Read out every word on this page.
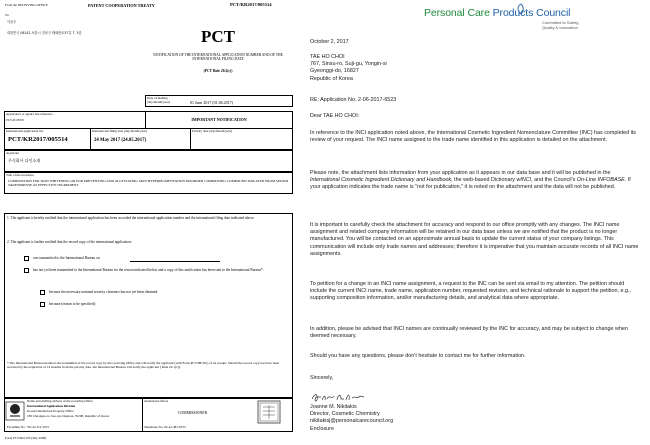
From the RECEIVING OFFICE	PATENT COOPERATION TREATY	PCT/KR2017/005514
To:
이준우
대한민국 06142 서울시 강남구 테헤란로37길 7, 3층	PCT
NOTIFICATION OF THE INTERNATIONAL APPLICATION NUMBER AND OF THE INTERNATIONAL FILING DATE
(PCT Rule 20.2(c))
Date of mailing (day/month/year)	01 June 2017 (01.06.2017)
Applicant's or agent's file reference
PCT-D17009	IMPORTANT NOTIFICATION
International application No.
PCT/KR2017/005514
International filing date (day/month/year)
24 May 2017 (24.05.2017)
Priority date (day/month/year)
Applicant
주식회사 다인소재
Title of the invention
COMPOSITION FOR SKIN WHITENING OR FOR PREVENTING AND ALLEVIATING SKIN HYPERPIGMENTATION DISORDER COMPRISING COMPOUND ISOLATED FROM SEDUM TAKESIMENSE AS EFFECTIVE INGREDIENT
1. The applicant is hereby notified that the international application has been accorded the international application number and the international filing date indicated above.
2. The applicant is further notified that the record copy of the international application:
was transmitted to the International Bureau on
has not yet been transmitted to the International Bureau for the reason indicated below and a copy of this notification has been sent to the International Bureau*:
because the necessary national security clearance has not yet been obtained.
because (reason to be specified):
* The International Bureau monitors the transmittal of the record copy by the receiving Office and will notify the applicant (with Form PCT/IB/301) of its receipt. Should the record copy not have been received by the expiration of 14 months from the priority date, the International Bureau will notify the applicant ( Rule 22.1(c)).
Name and mailing address of the receiving Office
International Application Division
Korean Intellectual Property Office
189 Cheongsa-ro, Seo-gu, Daejeon, 35208, Republic of Korea
Facsimile No. +82 42 472 3473
Authorized officer
COMMISSIONER
Telephone No. 82-42-481-8753
Form PCT/RO/105 (July 2008)
Personal Care Products Council
Committed to Safety,
Quality & Innovation
October 2, 2017
TAE HO CHOI
767, Sinsu-ro, Suji-gu, Yongin-si
Gyeonggi-do, 16827
Republic of Korea
RE: Application No. 2-06-2017-6523
Dear TAE HO CHOI:
In reference to the INCI application noted above, the International Cosmetic Ingredient Nomenclature Committee (INC) has completed its review of your request. The INCI name assigned to the trade name identified in this application is detailed on the attachment.
Please note, the attachment lists information from your application as it appears in our data base and it will be published in the International Cosmetic Ingredient Dictionary and Handbook, the web-based Dictionary wINCI, and the Council's On-Line INFOBASE. If your application indicates the trade name is "not for publication," it is noted on the attachment and the data will not be published.
It is important to carefully check the attachment for accuracy and respond to our office promptly with any changes. The INCI name assignment and related company information will be retained in our data base unless we are notified that the product is no longer manufactured. You will be contacted on an approximate annual basis to update the current status of your company listings. This communication will include only trade names and addresses; therefore it is imperative that you maintain accurate records of all INCI name assignments.
To petition for a change in an INCI name assignment, a request to the INC can be sent via email to my attention. The petition should include the current INCI name, trade name, application number, requested revision, and technical rationale to support the petition, e.g., supporting composition information, and/or manufacturing details, and analytical data where appropriate.
In addition, please be advised that INCI names are continually reviewed by the INC for accuracy, and may be subject to change when deemed necessary.
Should you have any questions, please don't hesitate to contact me for further information.
Sincerely,
Joanne M. Nikitakis
Director, Cosmetic Chemistry
nikitakisj@personalcarecouncil.org
Enclosure
